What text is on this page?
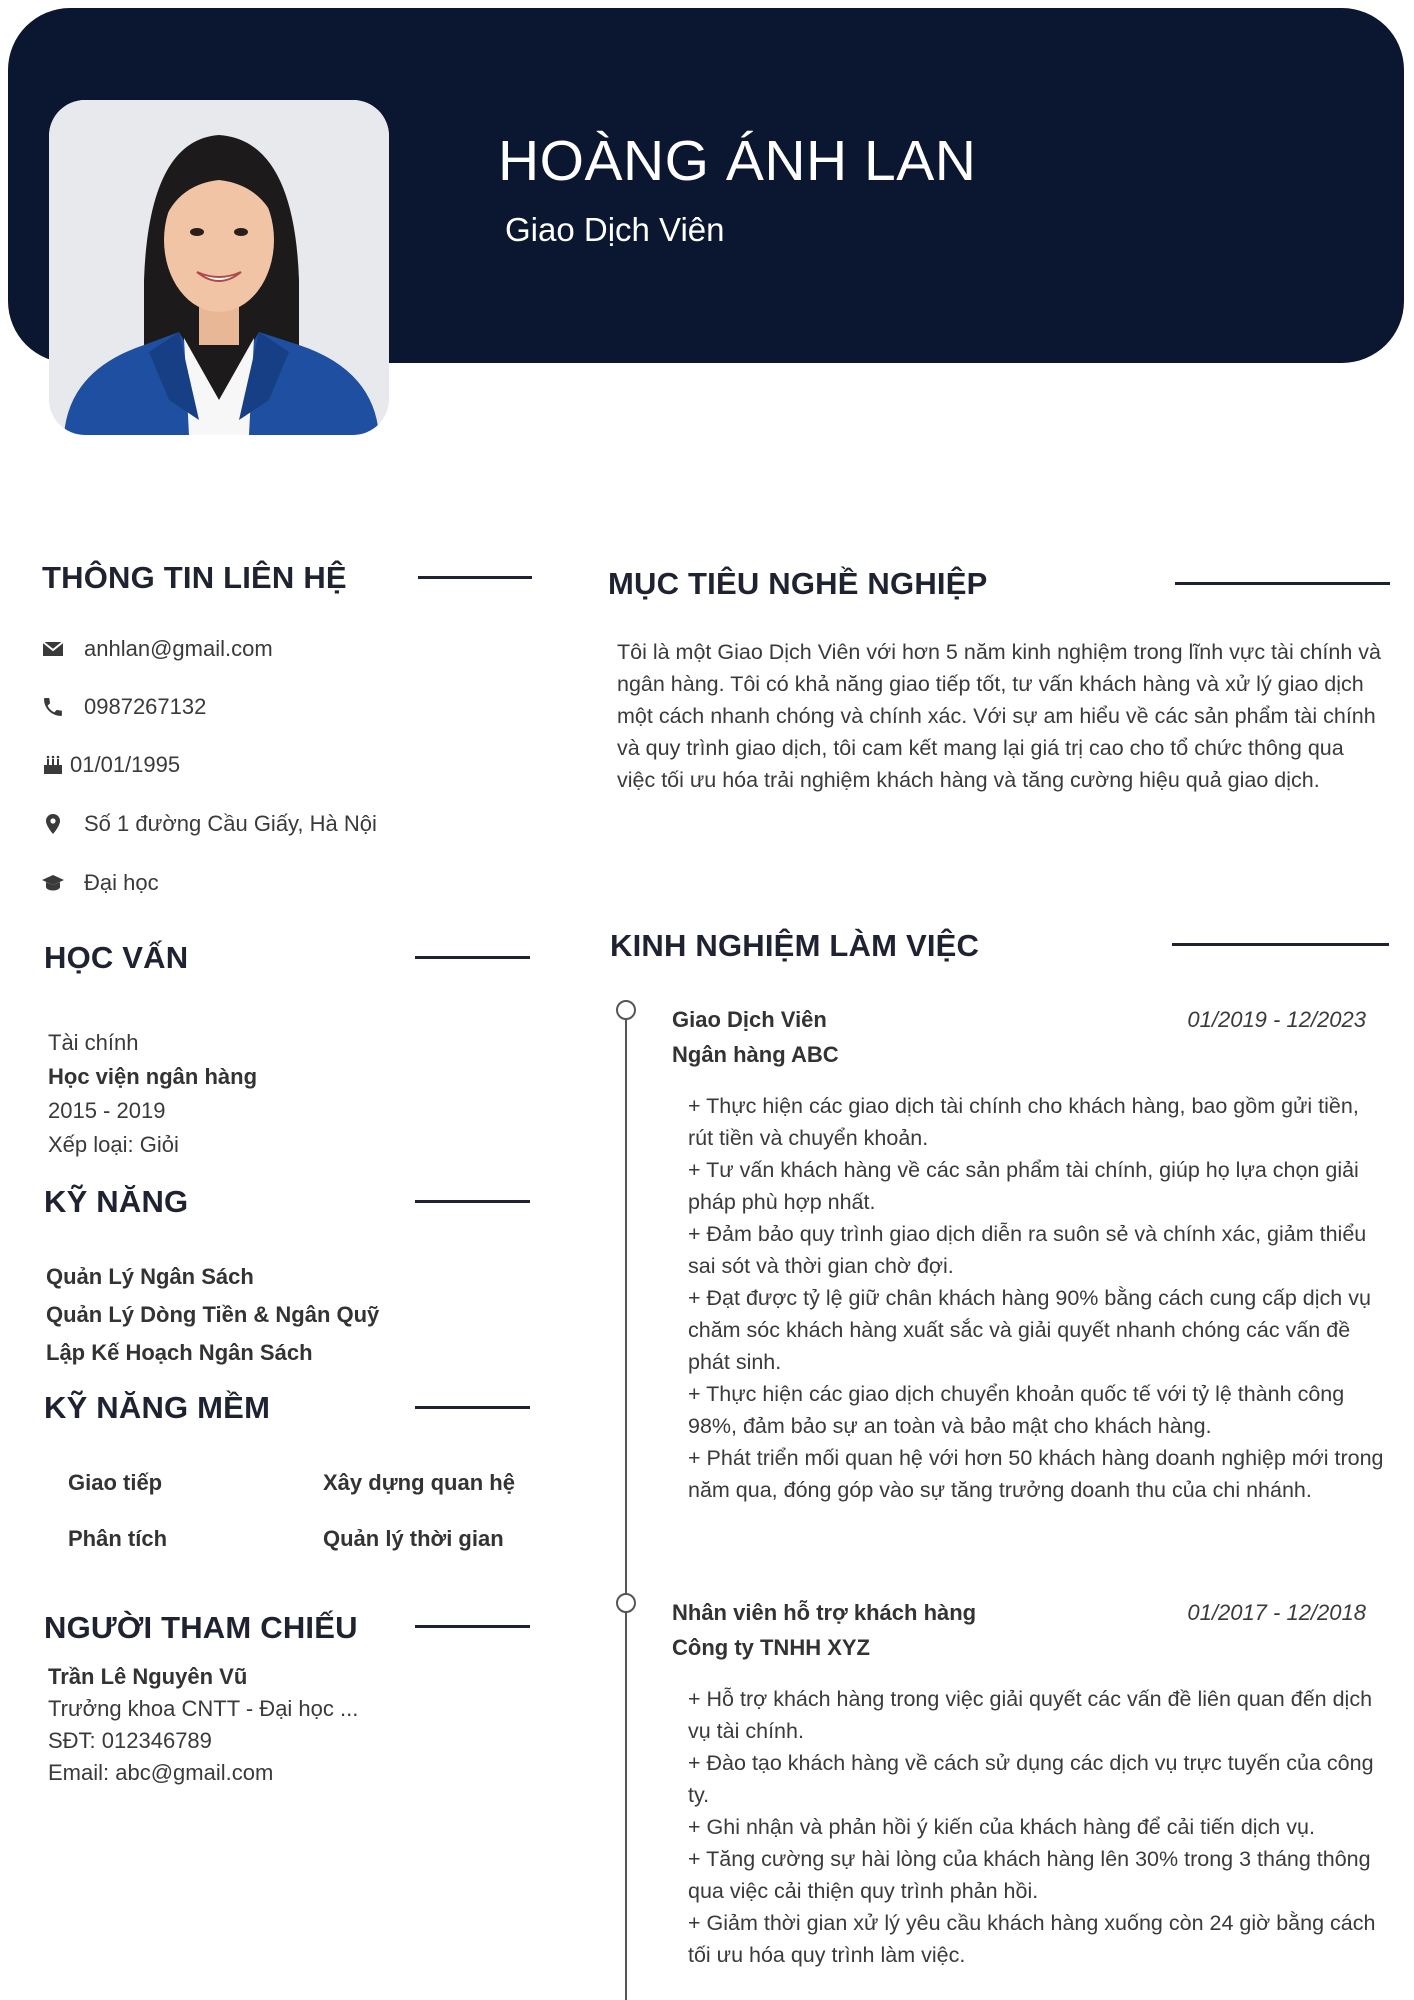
HOÀNG ÁNH LAN
Giao Dịch Viên
THÔNG TIN LIÊN HỆ
anhlan@gmail.com
0987267132
01/01/1995
Số 1 đường Cầu Giấy, Hà Nội
Đại học
HỌC VẤN
Tài chính
Học viện ngân hàng
2015 - 2019
Xếp loại: Giỏi
KỸ NĂNG
Quản Lý Ngân Sách
Quản Lý Dòng Tiền & Ngân Quỹ
Lập Kế Hoạch Ngân Sách
KỸ NĂNG MỀM
Giao tiếp	Xây dựng quan hệ
Phân tích	Quản lý thời gian
NGƯỜI THAM CHIẾU
Trần Lê Nguyên Vũ
Trưởng khoa CNTT - Đại học ...
SĐT: 012346789
Email: abc@gmail.com
MỤC TIÊU NGHỀ NGHIỆP
Tôi là một Giao Dịch Viên với hơn 5 năm kinh nghiệm trong lĩnh vực tài chính và ngân hàng. Tôi có khả năng giao tiếp tốt, tư vấn khách hàng và xử lý giao dịch một cách nhanh chóng và chính xác. Với sự am hiểu về các sản phẩm tài chính và quy trình giao dịch, tôi cam kết mang lại giá trị cao cho tổ chức thông qua việc tối ưu hóa trải nghiệm khách hàng và tăng cường hiệu quả giao dịch.
KINH NGHIỆM LÀM VIỆC
Giao Dịch Viên	01/2019 - 12/2023
Ngân hàng ABC
+ Thực hiện các giao dịch tài chính cho khách hàng, bao gồm gửi tiền, rút tiền và chuyển khoản.
+ Tư vấn khách hàng về các sản phẩm tài chính, giúp họ lựa chọn giải pháp phù hợp nhất.
+ Đảm bảo quy trình giao dịch diễn ra suôn sẻ và chính xác, giảm thiểu sai sót và thời gian chờ đợi.
+ Đạt được tỷ lệ giữ chân khách hàng 90% bằng cách cung cấp dịch vụ chăm sóc khách hàng xuất sắc và giải quyết nhanh chóng các vấn đề phát sinh.
+ Thực hiện các giao dịch chuyển khoản quốc tế với tỷ lệ thành công 98%, đảm bảo sự an toàn và bảo mật cho khách hàng.
+ Phát triển mối quan hệ với hơn 50 khách hàng doanh nghiệp mới trong năm qua, đóng góp vào sự tăng trưởng doanh thu của chi nhánh.
Nhân viên hỗ trợ khách hàng	01/2017 - 12/2018
Công ty TNHH XYZ
+ Hỗ trợ khách hàng trong việc giải quyết các vấn đề liên quan đến dịch vụ tài chính.
+ Đào tạo khách hàng về cách sử dụng các dịch vụ trực tuyến của công ty.
+ Ghi nhận và phản hồi ý kiến của khách hàng để cải tiến dịch vụ.
+ Tăng cường sự hài lòng của khách hàng lên 30% trong 3 tháng thông qua việc cải thiện quy trình phản hồi.
+ Giảm thời gian xử lý yêu cầu khách hàng xuống còn 24 giờ bằng cách tối ưu hóa quy trình làm việc.
